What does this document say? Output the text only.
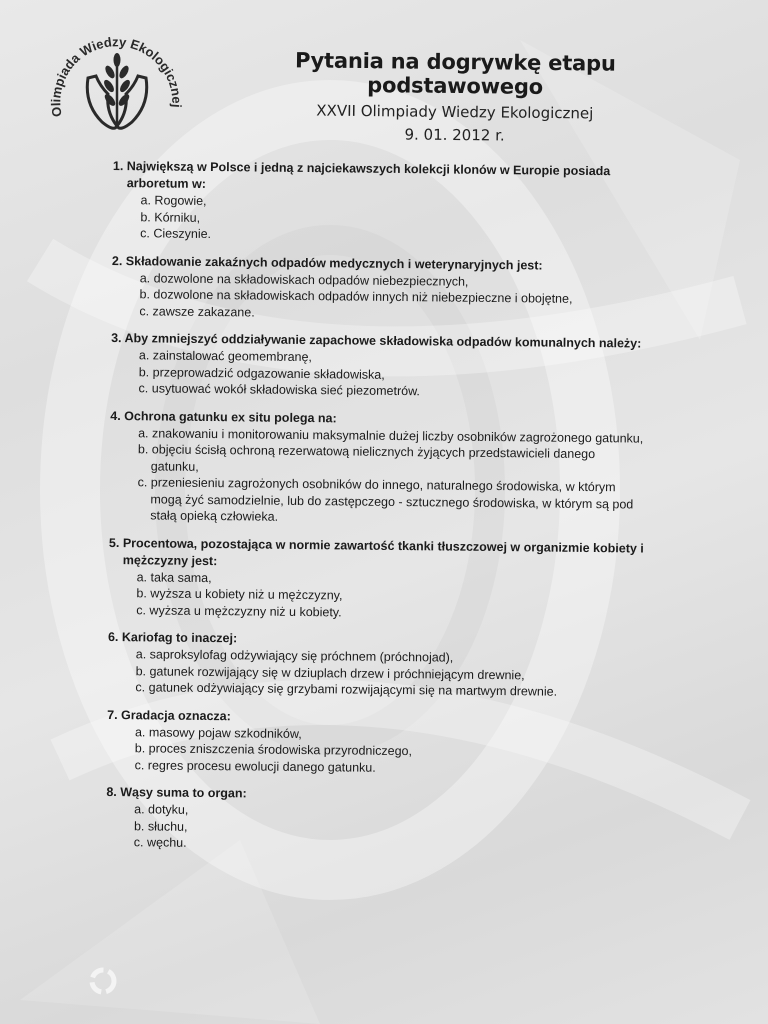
Olimpiada Wiedzy Ekologicznej
Pytania na dogrywkę etapu podstawowego
XXVII Olimpiady Wiedzy Ekologicznej
9. 01. 2012 r.
1. Największą w Polsce i jedną z najciekawszych kolekcji klonów w Europie posiada arboretum w:
a. Rogowie,
b. Kórniku,
c. Cieszynie.
2. Składowanie zakaźnych odpadów medycznych i weterynaryjnych jest:
a. dozwolone na składowiskach odpadów niebezpiecznych,
b. dozwolone na składowiskach odpadów innych niż niebezpieczne i obojętne,
c. zawsze zakazane.
3. Aby zmniejszyć oddziaływanie zapachowe składowiska odpadów komunalnych należy:
a. zainstalować geomembranę,
b. przeprowadzić odgazowanie składowiska,
c. usytuować wokół składowiska sieć piezometrów.
4. Ochrona gatunku ex situ polega na:
a. znakowaniu i monitorowaniu maksymalnie dużej liczby osobników zagrożonego gatunku,
b. objęciu ścisłą ochroną rezerwatową nielicznych żyjących przedstawicieli danego gatunku,
c. przeniesieniu zagrożonych osobników do innego, naturalnego środowiska, w którym mogą żyć samodzielnie, lub do zastępczego - sztucznego środowiska, w którym są pod stałą opieką człowieka.
5. Procentowa, pozostająca w normie zawartość tkanki tłuszczowej w organizmie kobiety i mężczyzny jest:
a. taka sama,
b. wyższa u kobiety niż u mężczyzny,
c. wyższa u mężczyzny niż u kobiety.
6. Kariofag to inaczej:
a. saproksylofag odżywiający się próchnem (próchnojad),
b. gatunek rozwijający się w dziuplach drzew i próchniejącym drewnie,
c. gatunek odżywiający się grzybami rozwijającymi się na martwym drewnie.
7. Gradacja oznacza:
a. masowy pojaw szkodników,
b. proces zniszczenia środowiska przyrodniczego,
c. regres procesu ewolucji danego gatunku.
8. Wąsy suma to organ:
a. dotyku,
b. słuchu,
c. węchu.
